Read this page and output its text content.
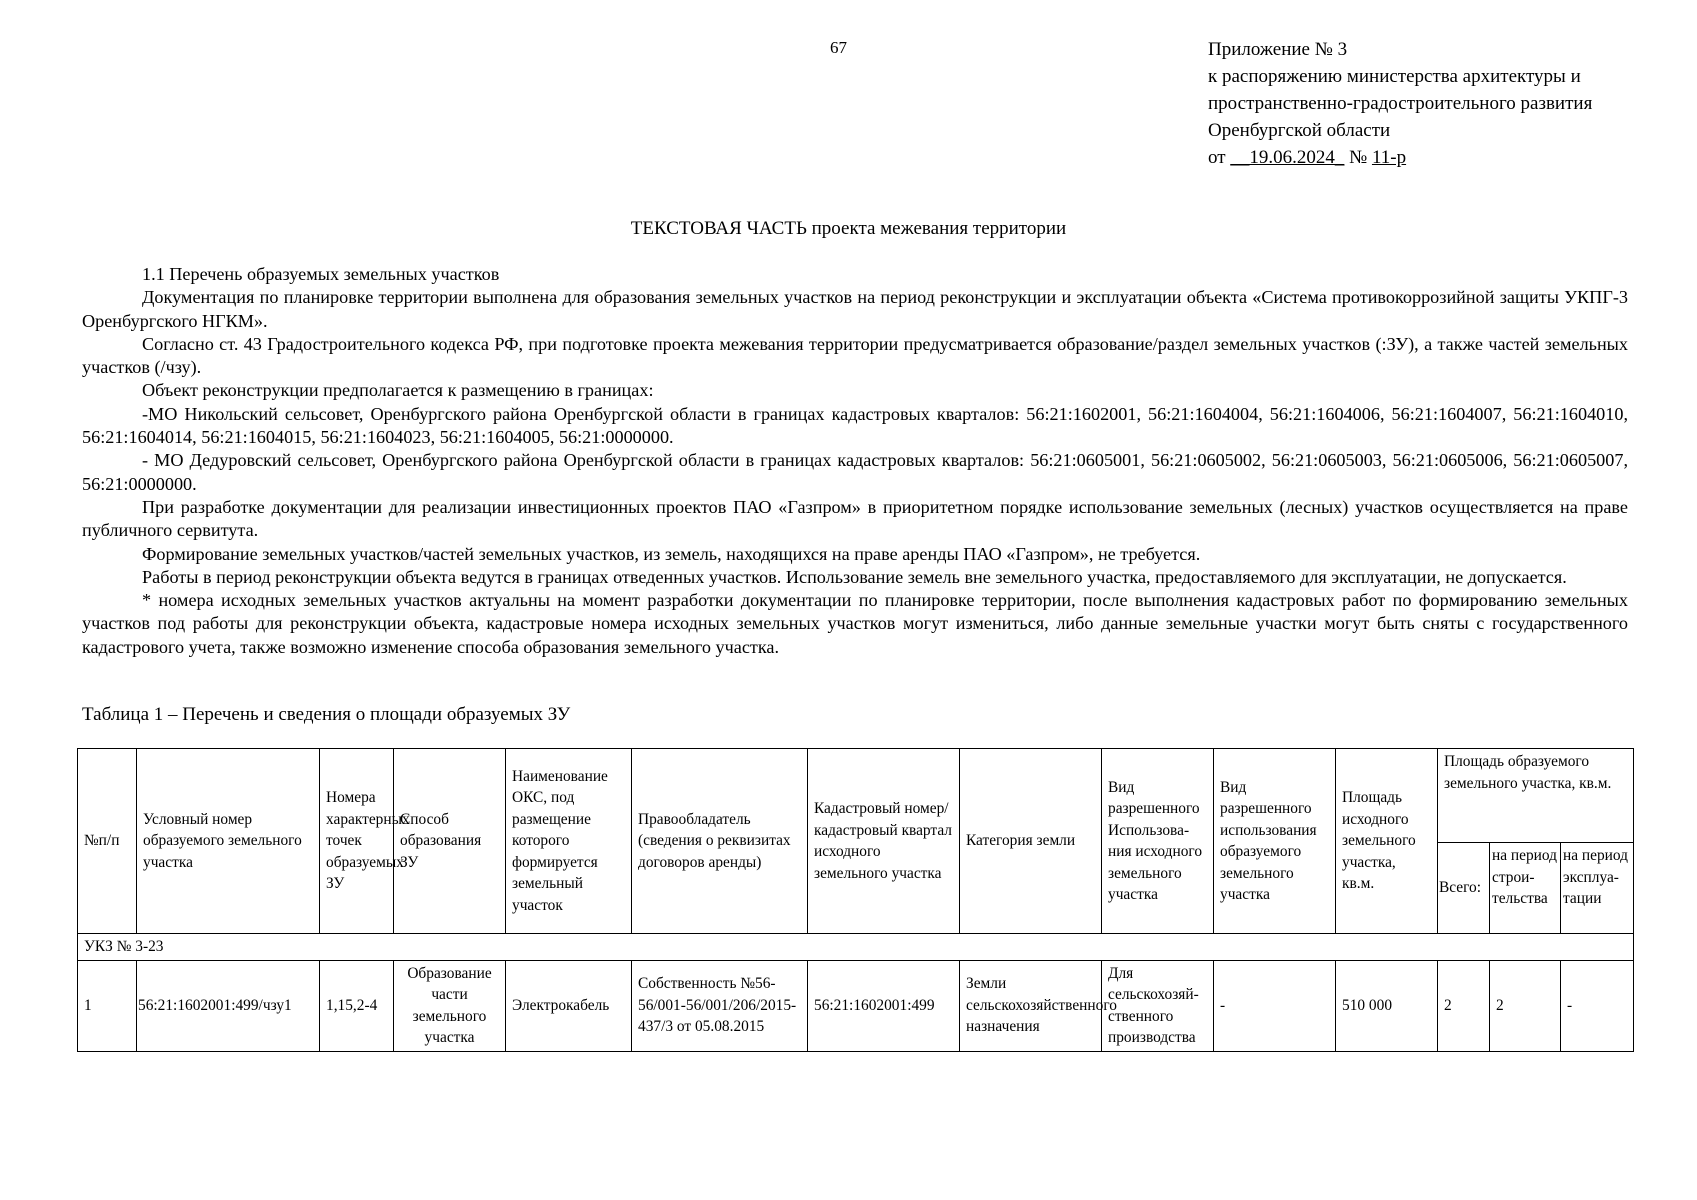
67	Приложение № 3
к распоряжению министерства архитектуры и
пространственно-градостроительного развития
Оренбургской области
от __19.06.2024_ № 11-р
ТЕКСТОВАЯ ЧАСТЬ проекта межевания территории

1.1 Перечень образуемых земельных участков

Документация по планировке территории выполнена для образования земельных участков на период реконструкции и эксплуатации объекта «Система противокоррозийной защиты УКПГ-3 Оренбургского НГКМ».

Согласно ст. 43 Градостроительного кодекса РФ, при подготовке проекта межевания территории предусматривается образование/раздел земельных участков (:ЗУ), а также частей земельных участков (/чзу).

Объект реконструкции предполагается к размещению в границах:

-МО Никольский сельсовет, Оренбургского района Оренбургской области в границах кадастровых кварталов: 56:21:1602001, 56:21:1604004, 56:21:1604006, 56:21:1604007, 56:21:1604010, 56:21:1604014, 56:21:1604015, 56:21:1604023, 56:21:1604005, 56:21:0000000.

- МО Дедуровский сельсовет, Оренбургского района Оренбургской области в границах кадастровых кварталов: 56:21:0605001, 56:21:0605002, 56:21:0605003, 56:21:0605006, 56:21:0605007, 56:21:0000000.

При разработке документации для реализации инвестиционных проектов ПАО «Газпром» в приоритетном порядке использование земельных (лесных) участков осуществляется на праве публичного сервитута.

Формирование земельных участков/частей земельных участков, из земель, находящихся на праве аренды ПАО «Газпром», не требуется.

Работы в период реконструкции объекта ведутся в границах отведенных участков. Использование земель вне земельного участка, предоставляемого для эксплуатации, не допускается.

* номера исходных земельных участков актуальны на момент разработки документации по планировке территории, после выполнения кадастровых работ по формированию земельных участков под работы для реконструкции объекта, кадастровые номера исходных земельных участков могут измениться, либо данные земельные участки могут быть сняты с государственного кадастрового учета, также возможно изменение способа образования земельного участка.

Таблица 1 – Перечень и сведения о площади образуемых ЗУ
№п/п	Условный номер образуемого земельного участка	Номера характерных точек образуемых ЗУ	Способ образования ЗУ	Наименование ОКС, под размещение которого формируется земельный участок	Правообладатель (сведения о реквизитах договоров аренды)	Кадастровый номер/кадастровый квартал исходного земельного участка	Категория земли	Вид разрешенного Использова-ния исходного земельного участка	Вид разрешенного использования образуемого земельного участка	Площадь исходного земельного участка, кв.м.	Площадь образуемого земельного участка, кв.м.		
											Всего:	на период строи-тельства	на период эксплуа-тации
УКЗ № 3-23													
1	56:21:1602001:499/чзу1	1,15,2-4	Образование части земельного участка	Электрокабель	Собственность №56-56/001-56/001/206/2015-437/3 от 05.08.2015	56:21:1602001:499	Земли сельскохозяйственного назначения	Для сельскохозяй-ственного производства	-	510 000	2	2	-
